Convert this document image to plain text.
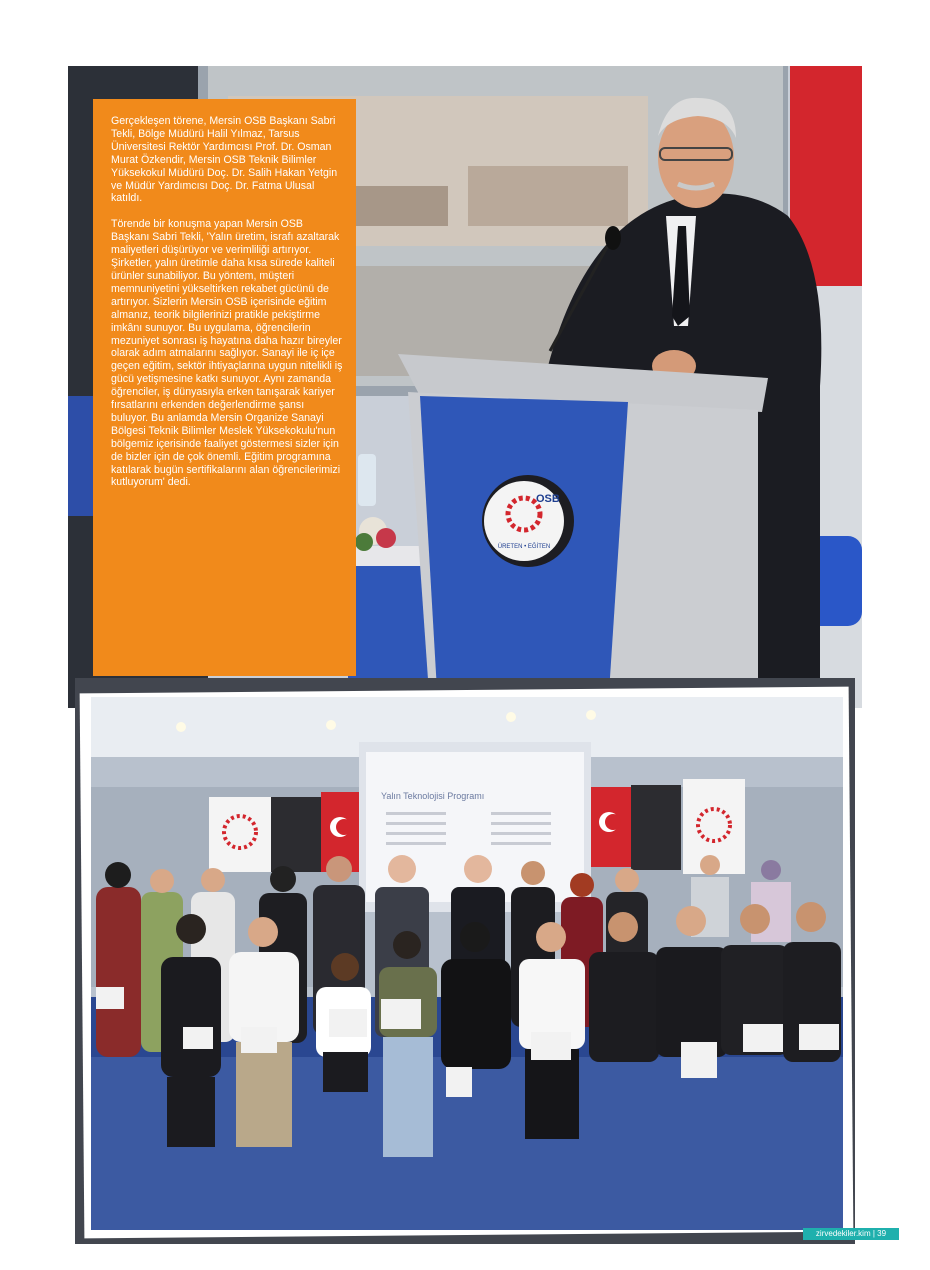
OSB
ÜRETEN • EĞİTEN

Gerçekleşen törene, Mersin OSB Başkanı Sabri Tekli, Bölge Müdürü Halil Yılmaz, Tarsus Üniversitesi Rektör Yardımcısı Prof. Dr. Osman Murat Özkendir, Mersin OSB Teknik Bilimler Yüksekokul Müdürü Doç. Dr. Salih Hakan Yetgin ve Müdür Yardımcısı Doç. Dr. Fatma Ulusal katıldı.

Törende bir konuşma yapan Mersin OSB Başkanı Sabri Tekli, 'Yalın üretim, israfı azaltarak maliyetleri düşürüyor ve verimliliği artırıyor. Şirketler, yalın üretimle daha kısa sürede kaliteli ürünler sunabiliyor. Bu yöntem, müşteri memnuniyetini yükseltirken rekabet gücünü de artırıyor. Sizlerin Mersin OSB içerisinde eğitim almanız, teorik bilgilerinizi pratikle pekiştirme imkânı sunuyor. Bu uygulama, öğrencilerin mezuniyet sonrası iş hayatına daha hazır bireyler olarak adım atmalarını sağlıyor. Sanayi ile iç içe geçen eğitim, sektör ihtiyaçlarına uygun nitelikli iş gücü yetişmesine katkı sunuyor. Aynı zamanda öğrenciler, iş dünyasıyla erken tanışarak kariyer fırsatlarını erkenden değerlendirme şansı buluyor. Bu anlamda Mersin Organize Sanayi Bölgesi Teknik Bilimler Meslek Yüksekokulu'nun bölgemiz içerisinde faaliyet göstermesi sizler için de bizler için de çok önemli. Eğitim programına katılarak bugün sertifikalarını alan öğrencilerimizi kutluyorum' dedi.

Yalın Teknolojisi Programı
zirvedekiler.kim | 39
